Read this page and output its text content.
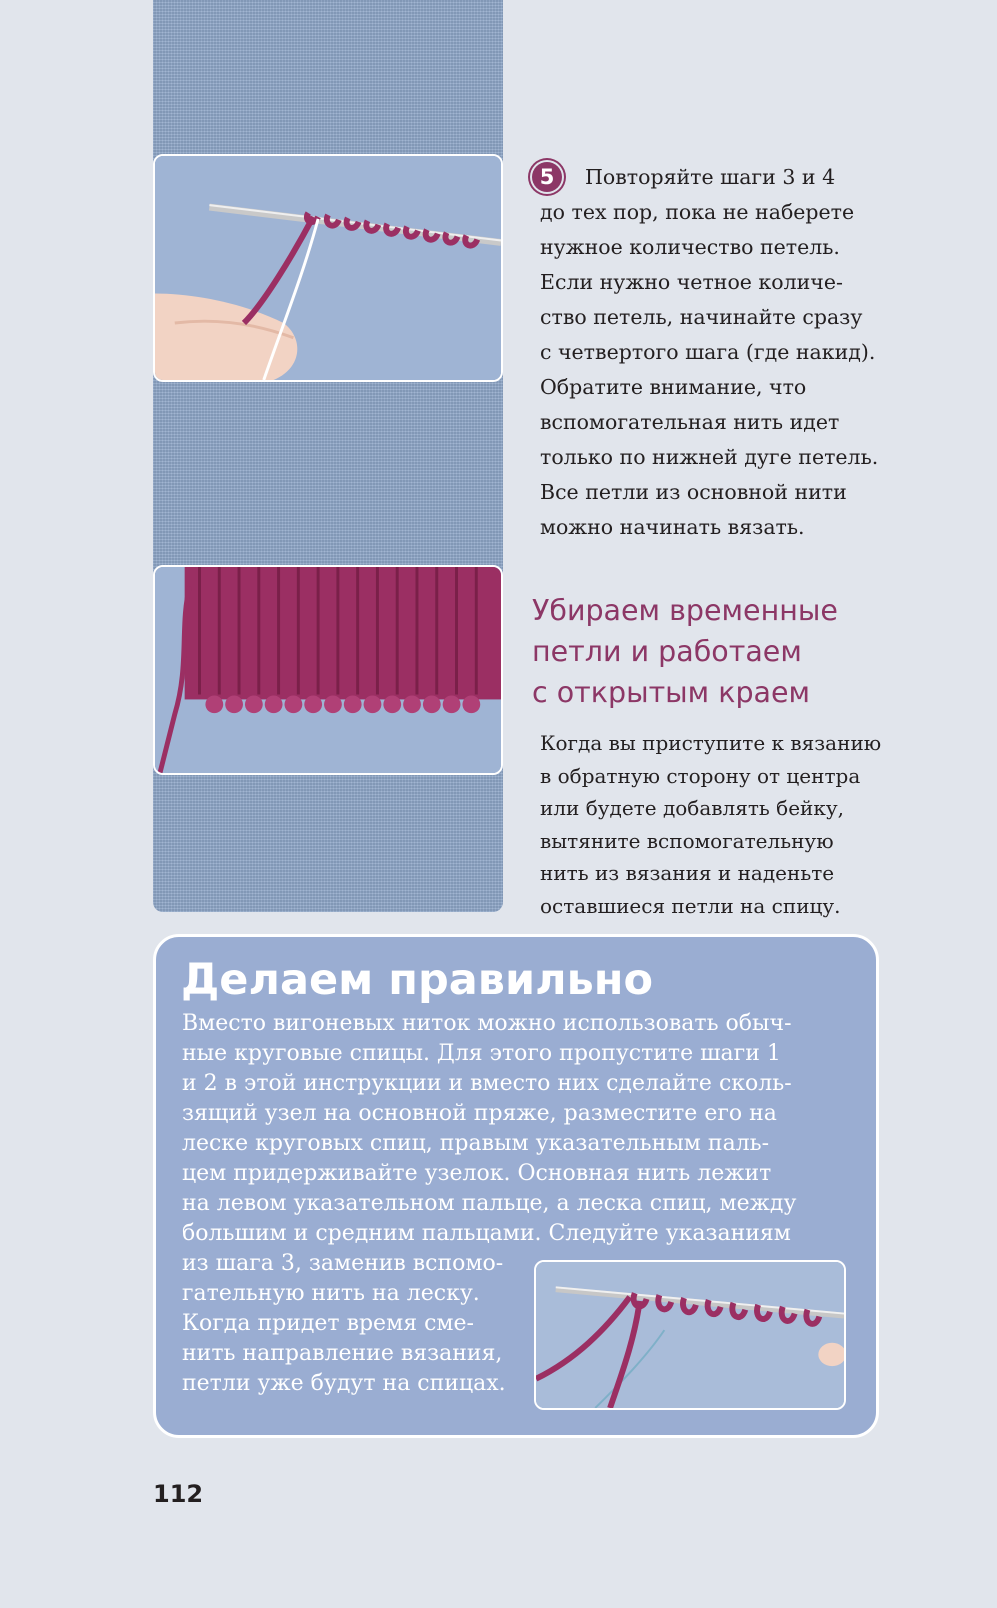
5	Повторяйте шаги 3 и 4
до тех пор, пока не наберете
нужное количество петель.
Если нужно четное количе-
ство петель, начинайте сразу
с четвертого шага (где накид).
Обратите внимание, что
вспомогательная нить идет
только по нижней дуге петель.
Все петли из основной нити
можно начинать вязать.
Убираем временные
петли и работаем
с открытым краем
Когда вы приступите к вязанию
в обратную сторону от центра
или будете добавлять бейку,
вытяните вспомогательную
нить из вязания и наденьте
оставшиеся петли на спицу.
Делаем правильно
Вместо вигоневых ниток можно использовать обыч-
ные круговые спицы. Для этого пропустите шаги 1
и 2 в этой инструкции и вместо них сделайте сколь-
зящий узел на основной пряже, разместите его на
леске круговых спиц, правым указательным паль-
цем придерживайте узелок. Основная нить лежит
на левом указательном пальце, а леска спиц, между
большим и средним пальцами. Следуйте указаниям
из шага 3, заменив вспомо-
гательную нить на леску.
Когда придет время сме-
нить направление вязания,
петли уже будут на спицах.
112
